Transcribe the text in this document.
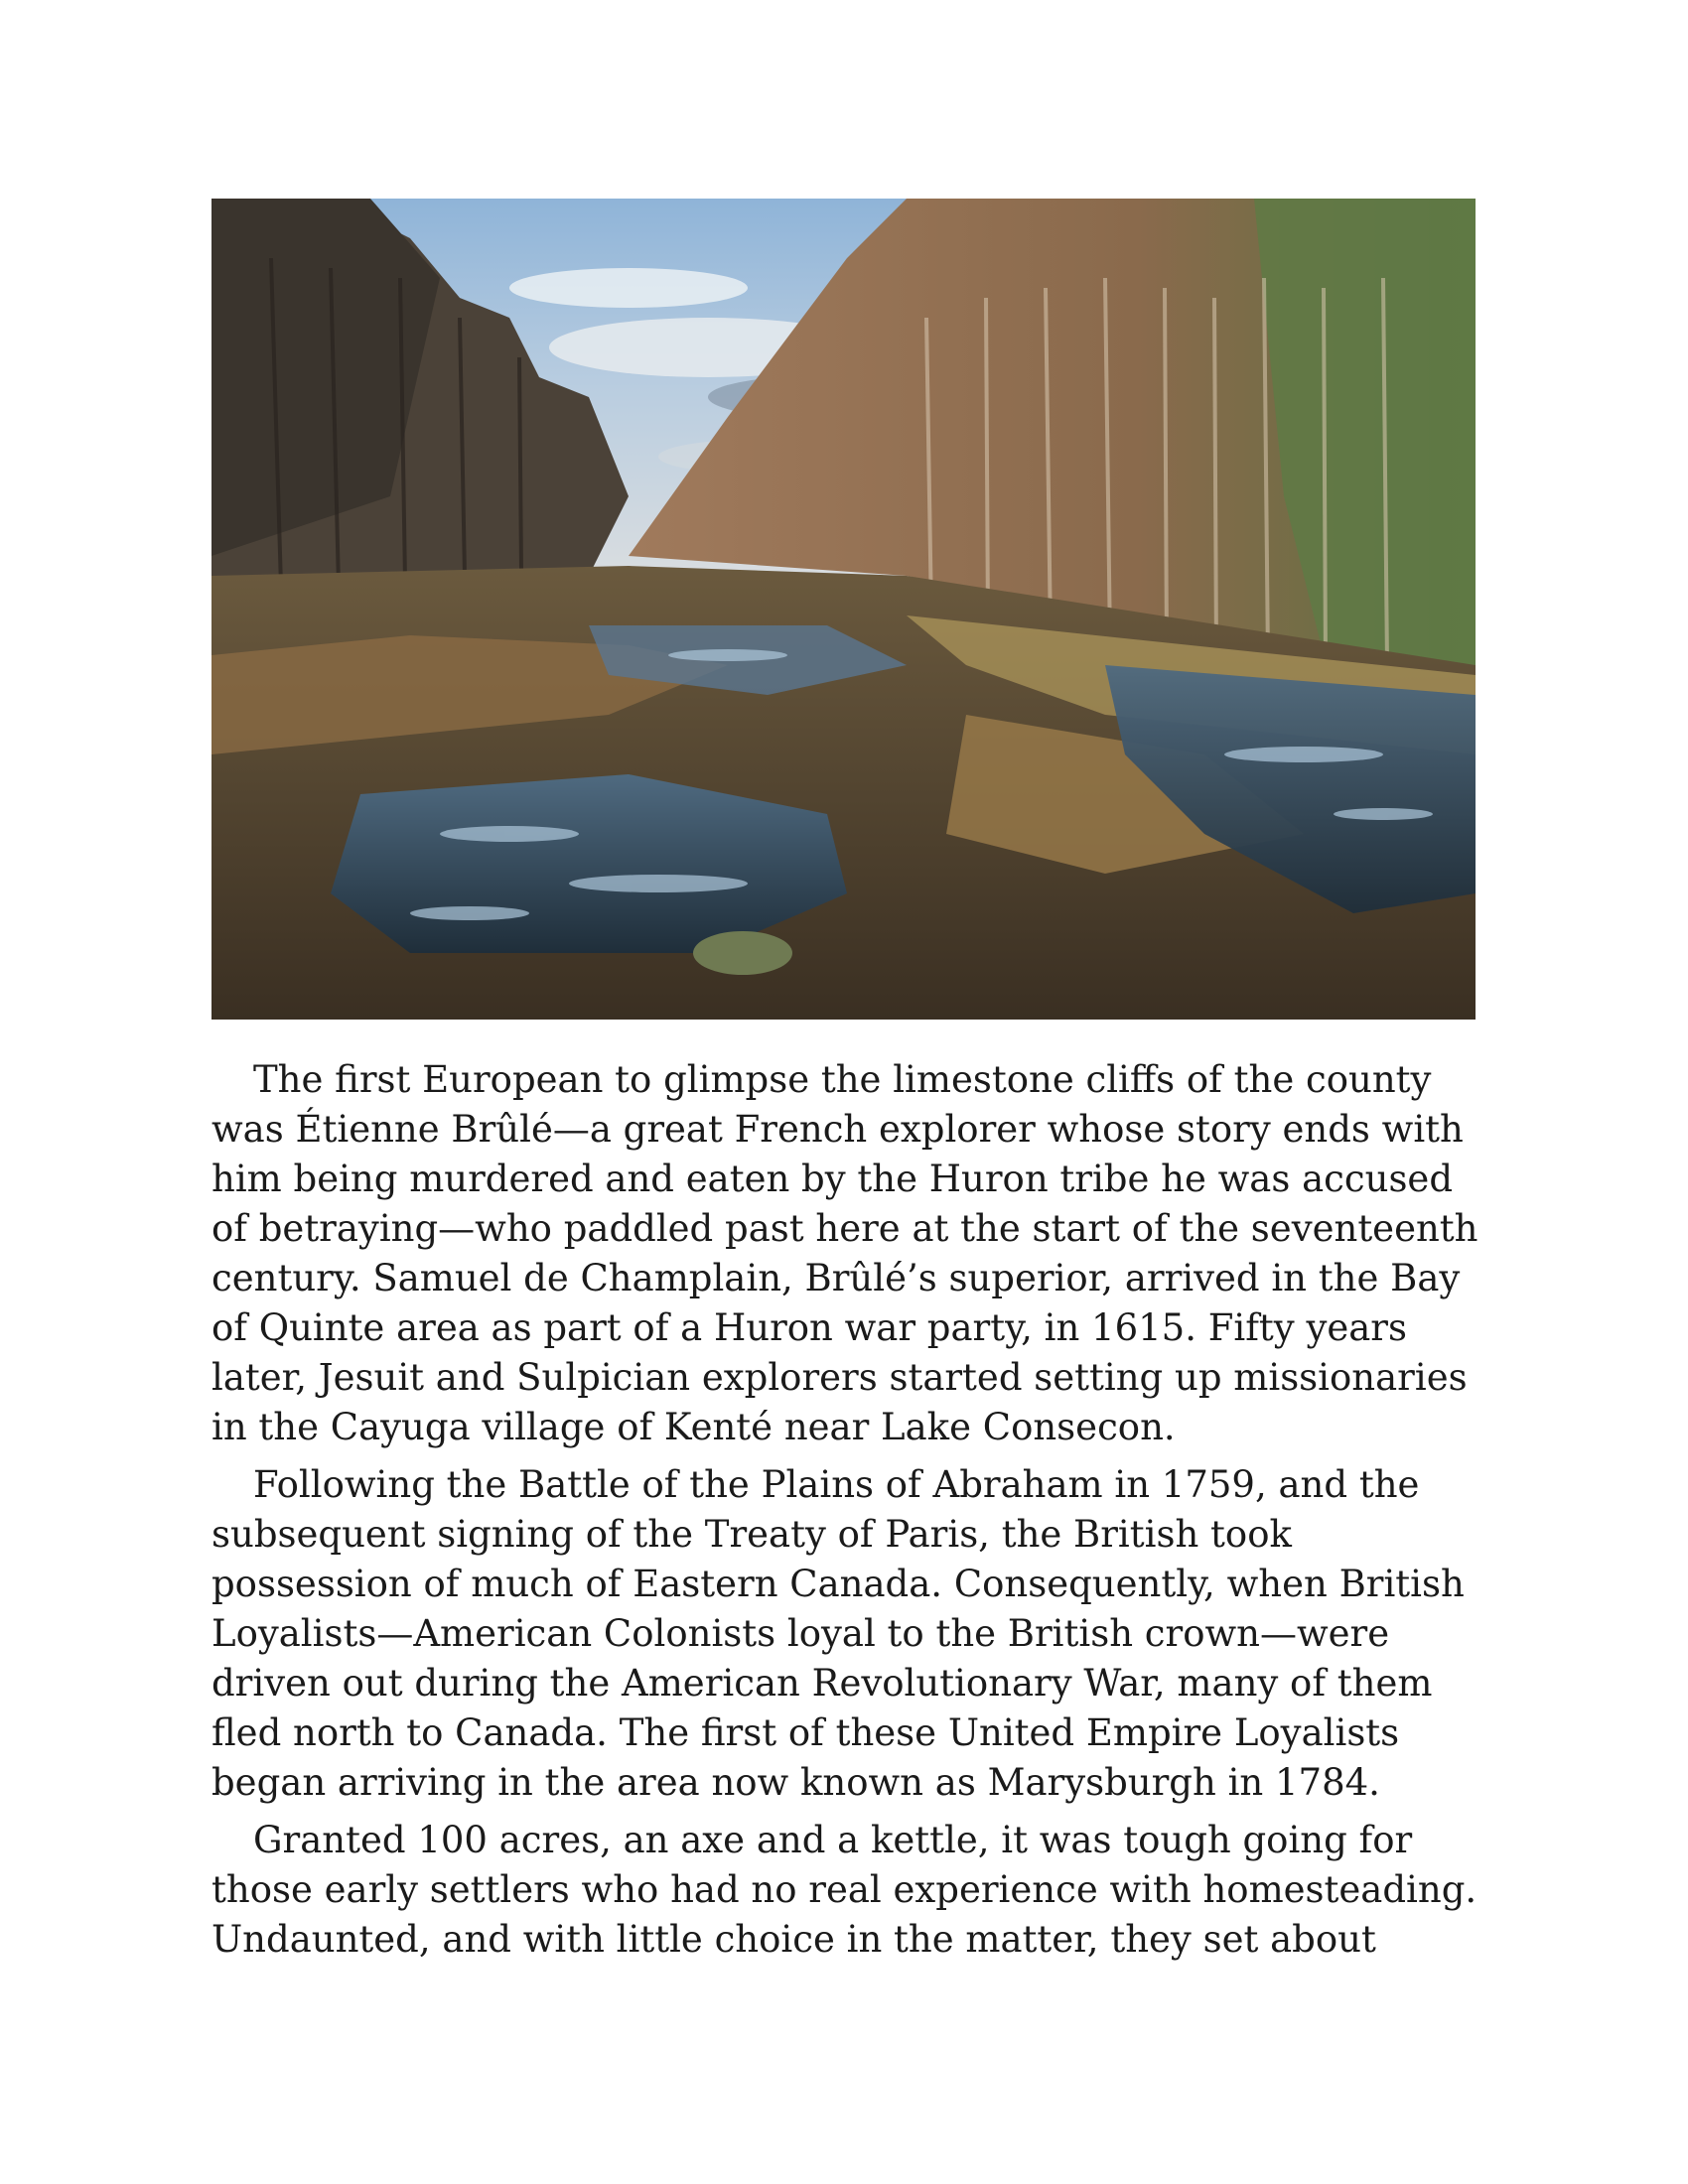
The first European to glimpse the limestone cliffs of the county was Étienne Brûlé—a great French explorer whose story ends with him being murdered and eaten by the Huron tribe he was accused of betraying—who paddled past here at the start of the seventeenth century. Samuel de Champlain, Brûlé’s superior, arrived in the Bay of Quinte area as part of a Huron war party, in 1615. Fifty years later, Jesuit and Sulpician explorers started setting up missionaries in the Cayuga village of Kenté near Lake Consecon.

Following the Battle of the Plains of Abraham in 1759, and the subsequent signing of the Treaty of Paris, the British took possession of much of Eastern Canada. Consequently, when British Loyalists—American Colonists loyal to the British crown—were driven out during the American Revolutionary War, many of them fled north to Canada. The first of these United Empire Loyalists began arriving in the area now known as Marysburgh in 1784.

Granted 100 acres, an axe and a kettle, it was tough going for those early settlers who had no real experience with homesteading. Undaunted, and with little choice in the matter, they set about
